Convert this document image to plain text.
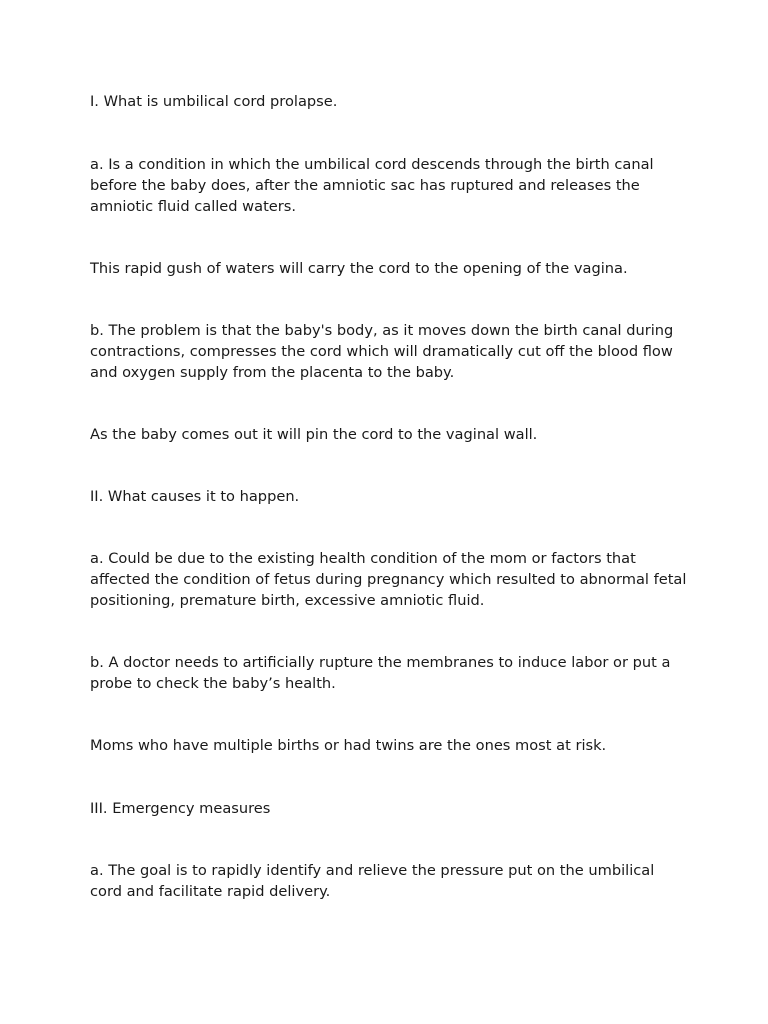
I. What is umbilical cord prolapse.

a. Is a condition in which the umbilical cord descends through the birth canal before the baby does, after the amniotic sac has ruptured and releases the amniotic fluid called waters.

This rapid gush of waters will carry the cord to the opening of the vagina.

b. The problem is that the baby's body, as it moves down the birth canal during contractions, compresses the cord which will dramatically cut off the blood flow and oxygen supply from the placenta to the baby.

As the baby comes out it will pin the cord to the vaginal wall.

II. What causes it to happen.

a. Could be due to the existing health condition of the mom or factors that affected the condition of fetus during pregnancy which resulted to abnormal fetal positioning, premature birth, excessive amniotic fluid.

b. A doctor needs to artificially rupture the membranes to induce labor or put a probe to check the baby’s health.

Moms who have multiple births or had twins are the ones most at risk.

III. Emergency measures

a. The goal is to rapidly identify and relieve the pressure put on the umbilical cord and facilitate rapid delivery.
